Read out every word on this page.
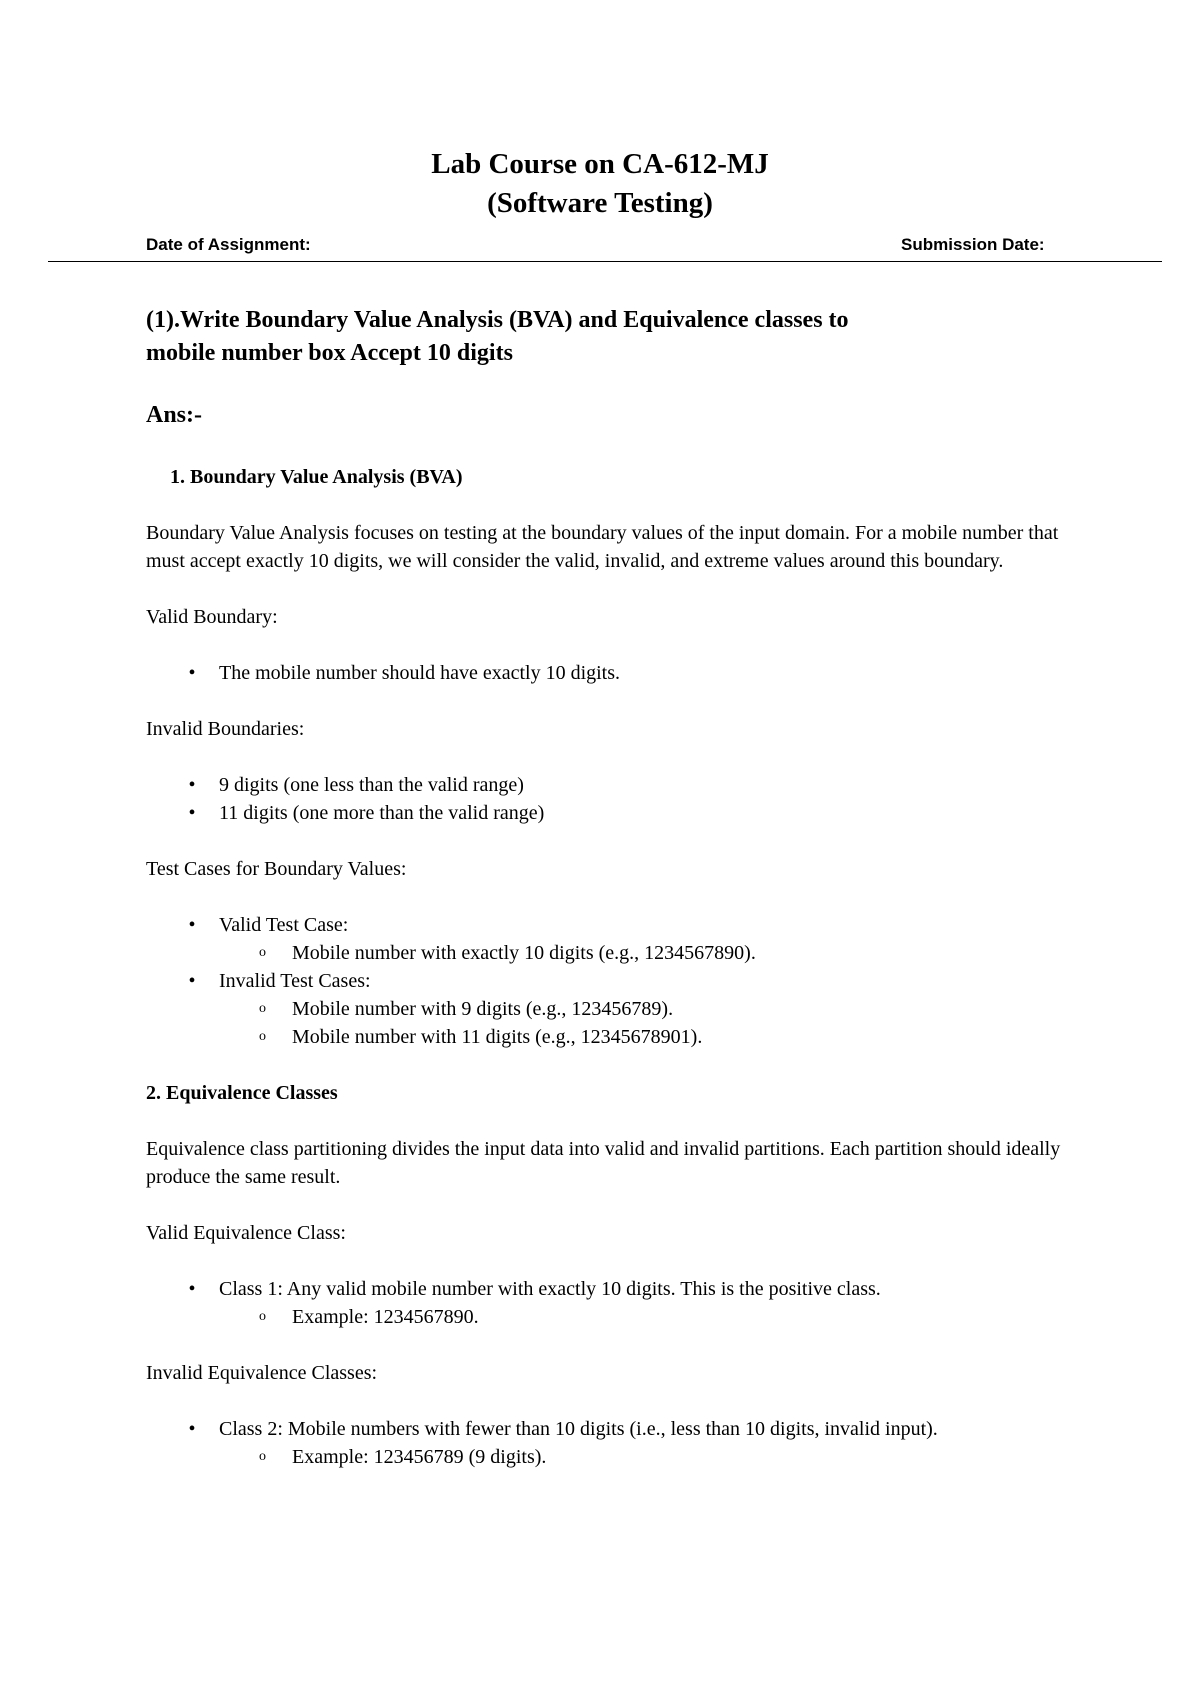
Lab Course on CA-612-MJ
(Software Testing)
Date of Assignment:	Submission Date:
(1).Write Boundary Value Analysis (BVA) and Equivalence classes to
mobile number box Accept 10 digits
Ans:-

1. Boundary Value Analysis (BVA)

Boundary Value Analysis focuses on testing at the boundary values of the input domain. For a mobile number that must accept exactly 10 digits, we will consider the valid, invalid, and extreme values around this boundary.

Valid Boundary:

• The mobile number should have exactly 10 digits.

Invalid Boundaries:

• 9 digits (one less than the valid range)
• 11 digits (one more than the valid range)

Test Cases for Boundary Values:

• Valid Test Case:
o Mobile number with exactly 10 digits (e.g., 1234567890).
• Invalid Test Cases:
o Mobile number with 9 digits (e.g., 123456789).
o Mobile number with 11 digits (e.g., 12345678901).

2. Equivalence Classes

Equivalence class partitioning divides the input data into valid and invalid partitions. Each partition should ideally produce the same result.

Valid Equivalence Class:

• Class 1: Any valid mobile number with exactly 10 digits. This is the positive class.
o Example: 1234567890.

Invalid Equivalence Classes:

• Class 2: Mobile numbers with fewer than 10 digits (i.e., less than 10 digits, invalid input).
o Example: 123456789 (9 digits).
